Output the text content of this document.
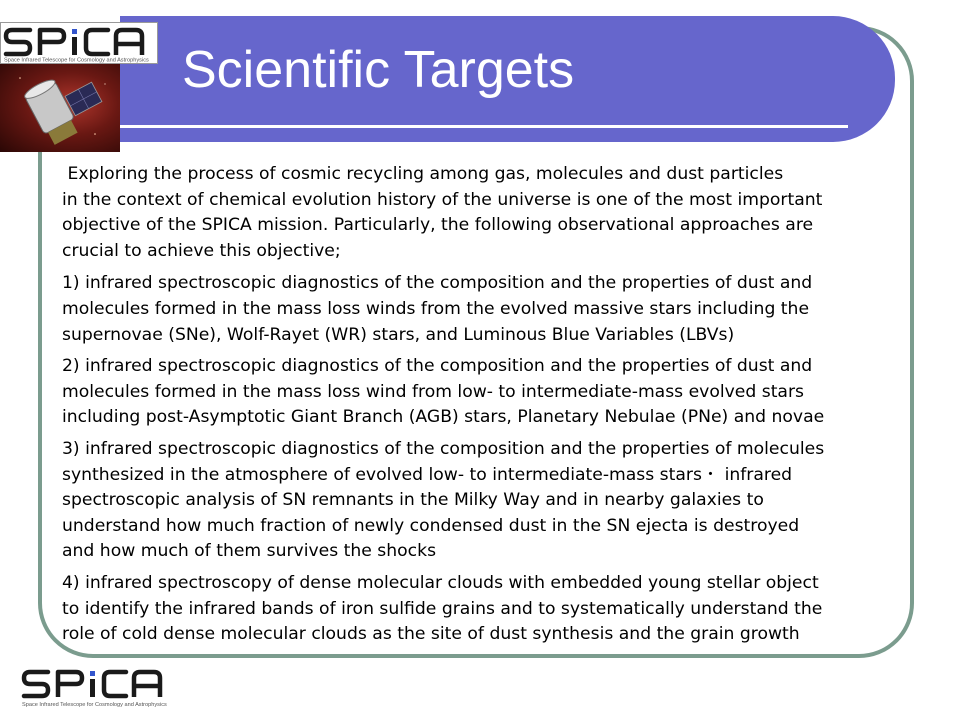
Scientific Targets
Space Infrared Telescope for Cosmology and Astrophysics
Exploring the process of cosmic recycling among gas, molecules and dust particles
in the context of chemical evolution history of the universe is one of the most important
objective of the SPICA mission. Particularly, the following observational approaches are
crucial to achieve this objective;
1) infrared spectroscopic diagnostics of the composition and the properties of dust and
molecules formed in the mass loss winds from the evolved massive stars including the
supernovae (SNe), Wolf-Rayet (WR) stars, and Luminous Blue Variables (LBVs)
2) infrared spectroscopic diagnostics of the composition and the properties of dust and
molecules formed in the mass loss wind from low- to intermediate-mass evolved stars
including post-Asymptotic Giant Branch (AGB) stars, Planetary Nebulae (PNe) and novae
3) infrared spectroscopic diagnostics of the composition and the properties of molecules
synthesized in the atmosphere of evolved low- to intermediate-mass stars・ infrared
spectroscopic analysis of SN remnants in the Milky Way and in nearby galaxies to
understand how much fraction of newly condensed dust in the SN ejecta is destroyed
and how much of them survives the shocks
4) infrared spectroscopy of dense molecular clouds with embedded young stellar object
to identify the infrared bands of iron sulfide grains and to systematically understand the
role of cold dense molecular clouds as the site of dust synthesis and the grain growth
Space Infrared Telescope for Cosmology and Astrophysics
